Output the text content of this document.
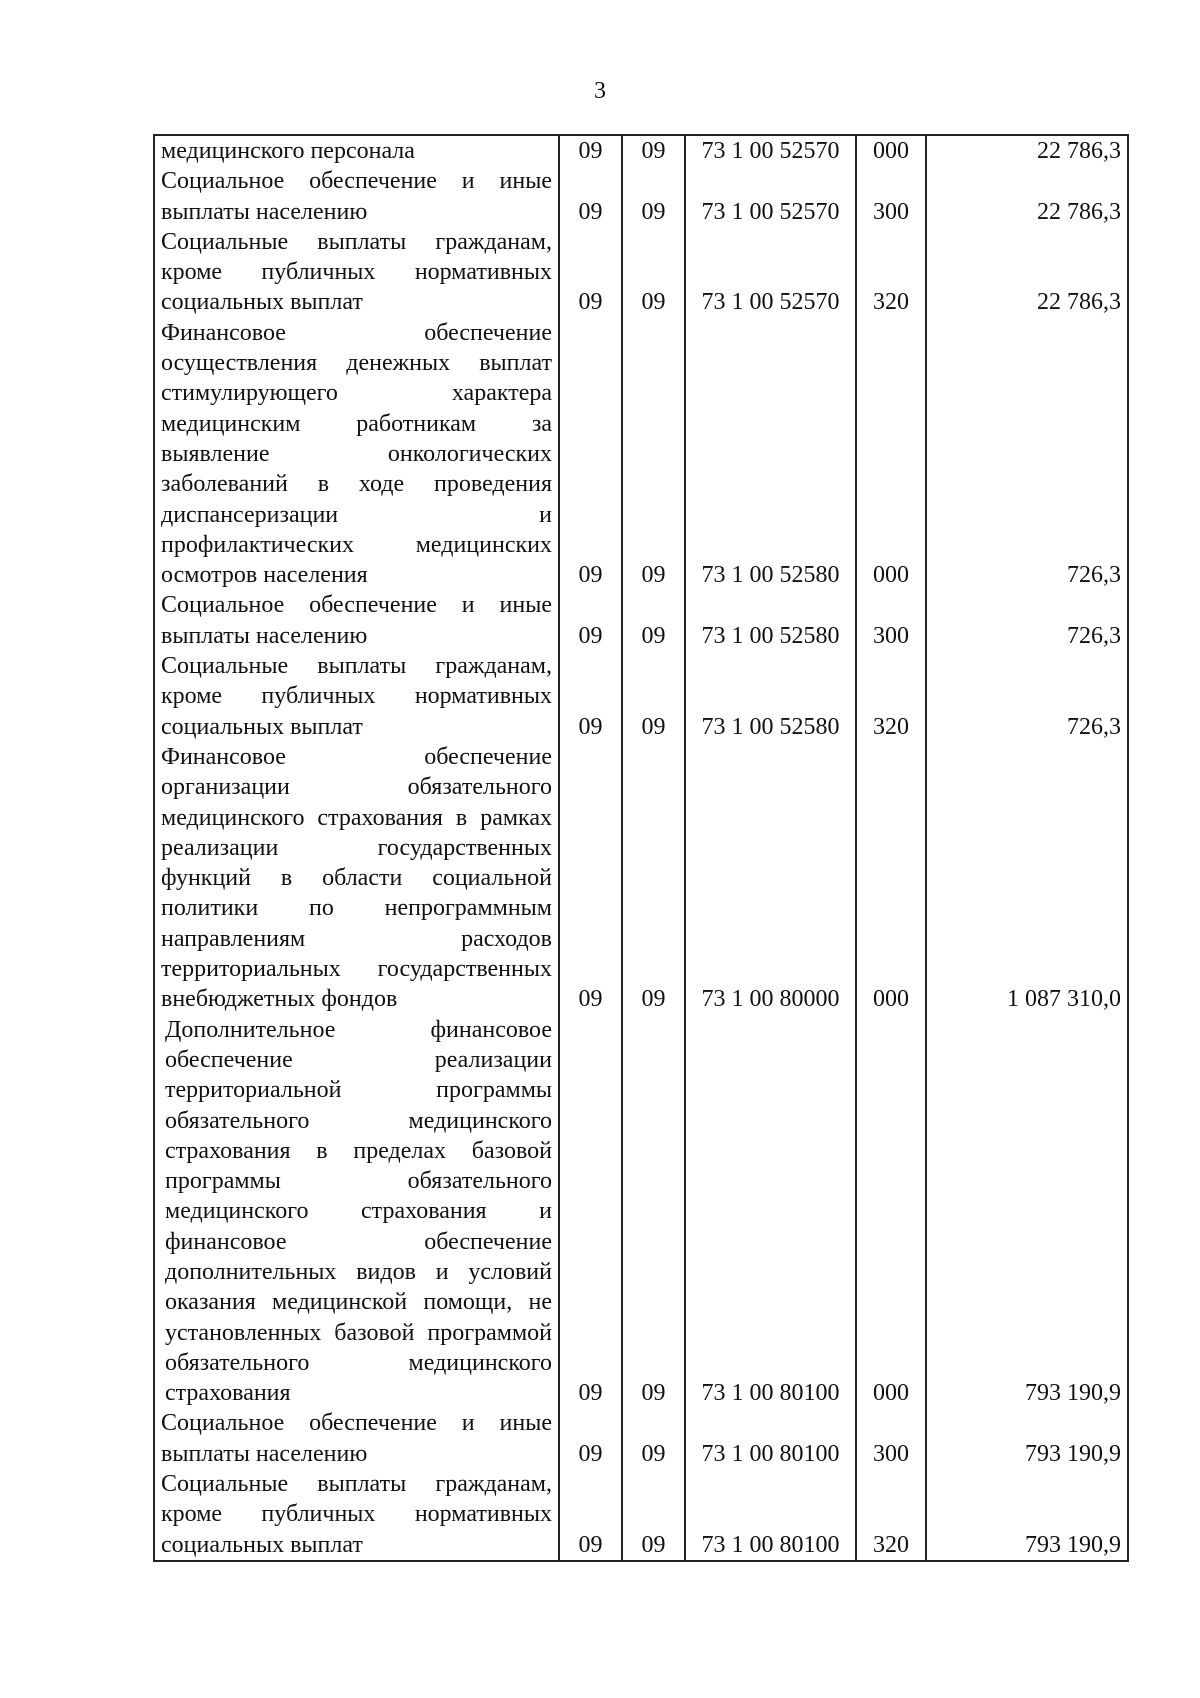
3
медицинского персонала	09	09	73 1 00 52570	000	22 786,3
Социальное обеспечение и иные выплаты населению	09	09	73 1 00 52570	300	22 786,3
Социальные выплаты гражданам, кроме публичных нормативных социальных выплат	09	09	73 1 00 52570	320	22 786,3
Финансовое обеспечение осуществления денежных выплат стимулирующего характера медицинским работникам за выявление онкологических заболеваний в ходе проведения диспансеризации и профилактических медицинских осмотров населения	09	09	73 1 00 52580	000	726,3
Социальное обеспечение и иные выплаты населению	09	09	73 1 00 52580	300	726,3
Социальные выплаты гражданам, кроме публичных нормативных социальных выплат	09	09	73 1 00 52580	320	726,3
Финансовое обеспечение организации обязательного медицинского страхования в рамках реализации государственных функций в области социальной политики по непрограммным направлениям расходов территориальных государственных внебюджетных фондов	09	09	73 1 00 80000	000	1 087 310,0
Дополнительное финансовое обеспечение реализации территориальной программы обязательного медицинского страхования в пределах базовой программы обязательного медицинского страхования и финансовое обеспечение дополнительных видов и условий оказания медицинской помощи, не установленных базовой программой обязательного медицинского страхования	09	09	73 1 00 80100	000	793 190,9
Социальное обеспечение и иные выплаты населению	09	09	73 1 00 80100	300	793 190,9
Социальные выплаты гражданам, кроме публичных нормативных социальных выплат	09	09	73 1 00 80100	320	793 190,9
